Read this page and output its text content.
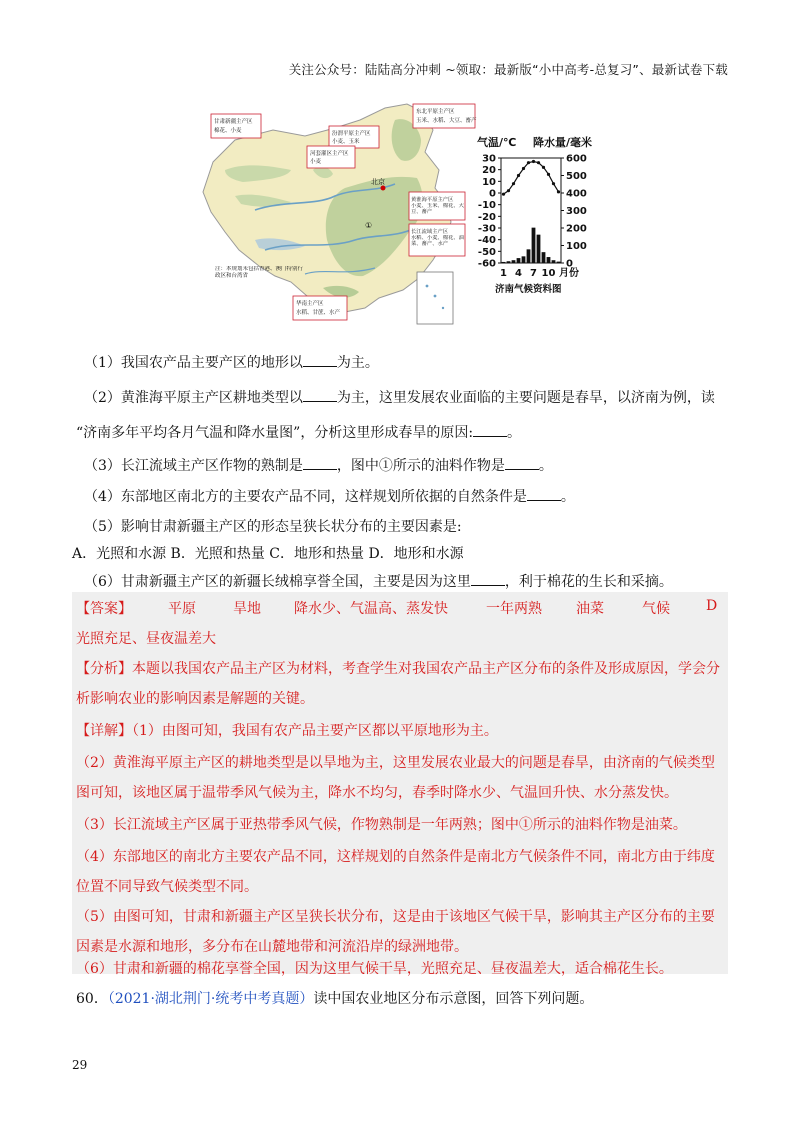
关注公众号：陆陆高分冲刺 ~领取：最新版“小中高考-总复习”、最新试卷下载
北京
①
甘肃新疆主产区
棉花、小麦
东北平原主产区
玉米、水稻、大豆、畜产
汾渭平原主产区
小麦、玉米
河套灌区主产区
小麦
黄淮海平原主产区
小麦、玉米、棉花、大豆、畜产
长江流域主产区
水稻、小麦、棉花、油菜、畜产、水产
华南主产区
水稻、甘蔗、水产
注：本规划未包括香港、澳门特别行政区和台湾省
气温/℃ 降水量/毫米
30
20
10
0
-10
-20
-30
-40
-50
-60
600
500
400
300
200
100
0
1 4 7 10 月份
济南气候资料图
（1）我国农产品主要产区的地形以 为主。
（2）黄淮海平原主产区耕地类型以 为主，这里发展农业面临的主要问题是春旱，以济南为例，读
“济南多年平均各月气温和降水量图”，分析这里形成春旱的原因: 。
（3）长江流域主产区作物的熟制是 ，图中①所示的油料作物是 。
（4）东部地区南北方的主要农产品不同，这样规划所依据的自然条件是 。
（5）影响甘肃新疆主产区的形态呈狭长状分布的主要因素是:
A．光照和水源 B．光照和热量 C．地形和热量 D．地形和水源
（6）甘肃新疆主产区的新疆长绒棉享誉全国，主要是因为这里 ，利于棉花的生长和采摘。
【答案】	平原	旱地 降水少、气温高、蒸发快	一年两熟 油菜	气候	D
光照充足、昼夜温差大
【分析】本题以我国农产品主产区为材料，考查学生对我国农产品主产区分布的条件及形成原因，学会分
析影响农业的影响因素是解题的关键。
【详解】（1）由图可知，我国有农产品主要产区都以平原地形为主。
（2）黄淮海平原主产区的耕地类型是以旱地为主，这里发展农业最大的问题是春旱，由济南的气候类型
图可知，该地区属于温带季风气候为主，降水不均匀，春季时降水少、气温回升快、水分蒸发快。
（3）长江流域主产区属于亚热带季风气候，作物熟制是一年两熟；图中①所示的油料作物是油菜。
（4）东部地区的南北方主要农产品不同，这样规划的自然条件是南北方气候条件不同，南北方由于纬度
位置不同导致气候类型不同。
（5）由图可知，甘肃和新疆主产区呈狭长状分布，这是由于该地区气候干旱，影响其主产区分布的主要
因素是水源和地形，多分布在山麓地带和河流沿岸的绿洲地带。
（6）甘肃和新疆的棉花享誉全国，因为这里气候干旱，光照充足、昼夜温差大，适合棉花生长。
60．（2021·湖北荆门·统考中考真题）读中国农业地区分布示意图，回答下列问题。
29
